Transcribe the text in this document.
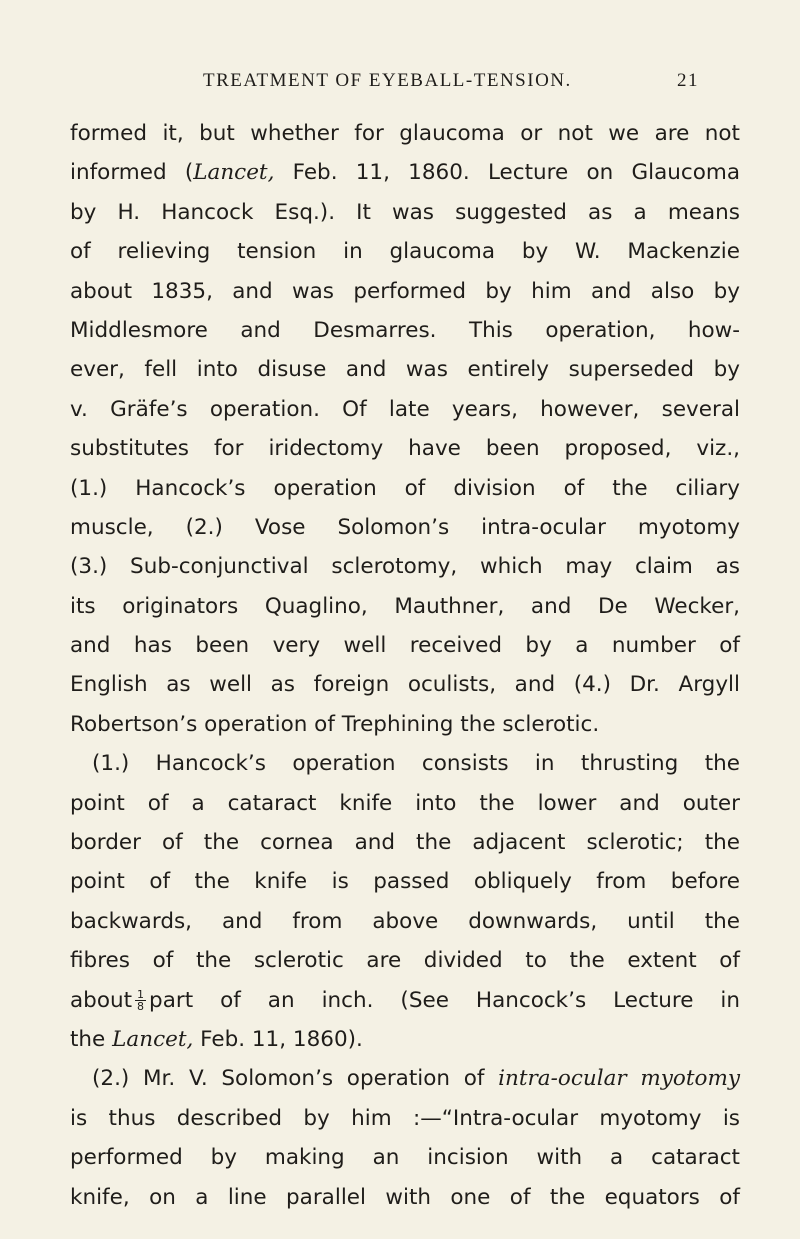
TREATMENT OF EYEBALL-TENSION.	21
formed it, but whether for glaucoma or not we are not
informed (Lancet, Feb. 11, 1860. Lecture on Glaucoma
by H. Hancock Esq.). It was suggested as a means
of relieving tension in glaucoma by W. Mackenzie
about 1835, and was performed by him and also by
Middlesmore and Desmarres. This operation, how-
ever, fell into disuse and was entirely superseded by
v. Gräfe’s operation. Of late years, however, several
substitutes for iridectomy have been proposed, viz.,
(1.) Hancock’s operation of division of the ciliary
muscle, (2.) Vose Solomon’s intra-ocular myotomy
(3.) Sub-conjunctival sclerotomy, which may claim as
its originators Quaglino, Mauthner, and De Wecker,
and has been very well received by a number of
English as well as foreign oculists, and (4.) Dr. Argyll
Robertson’s operation of Trephining the sclerotic.
(1.) Hancock’s operation consists in thrusting the
point of a cataract knife into the lower and outer
border of the cornea and the adjacent sclerotic; the
point of the knife is passed obliquely from before
backwards, and from above downwards, until the
fibres of the sclerotic are divided to the extent of
about $\frac{1}{8}$ part of an inch. (See Hancock’s Lecture in
the Lancet, Feb. 11, 1860).
(2.) Mr. V. Solomon’s operation of intra-ocular myotomy
is thus described by him :—“Intra-ocular myotomy is
performed by making an incision with a cataract
knife, on a line parallel with one of the equators of
